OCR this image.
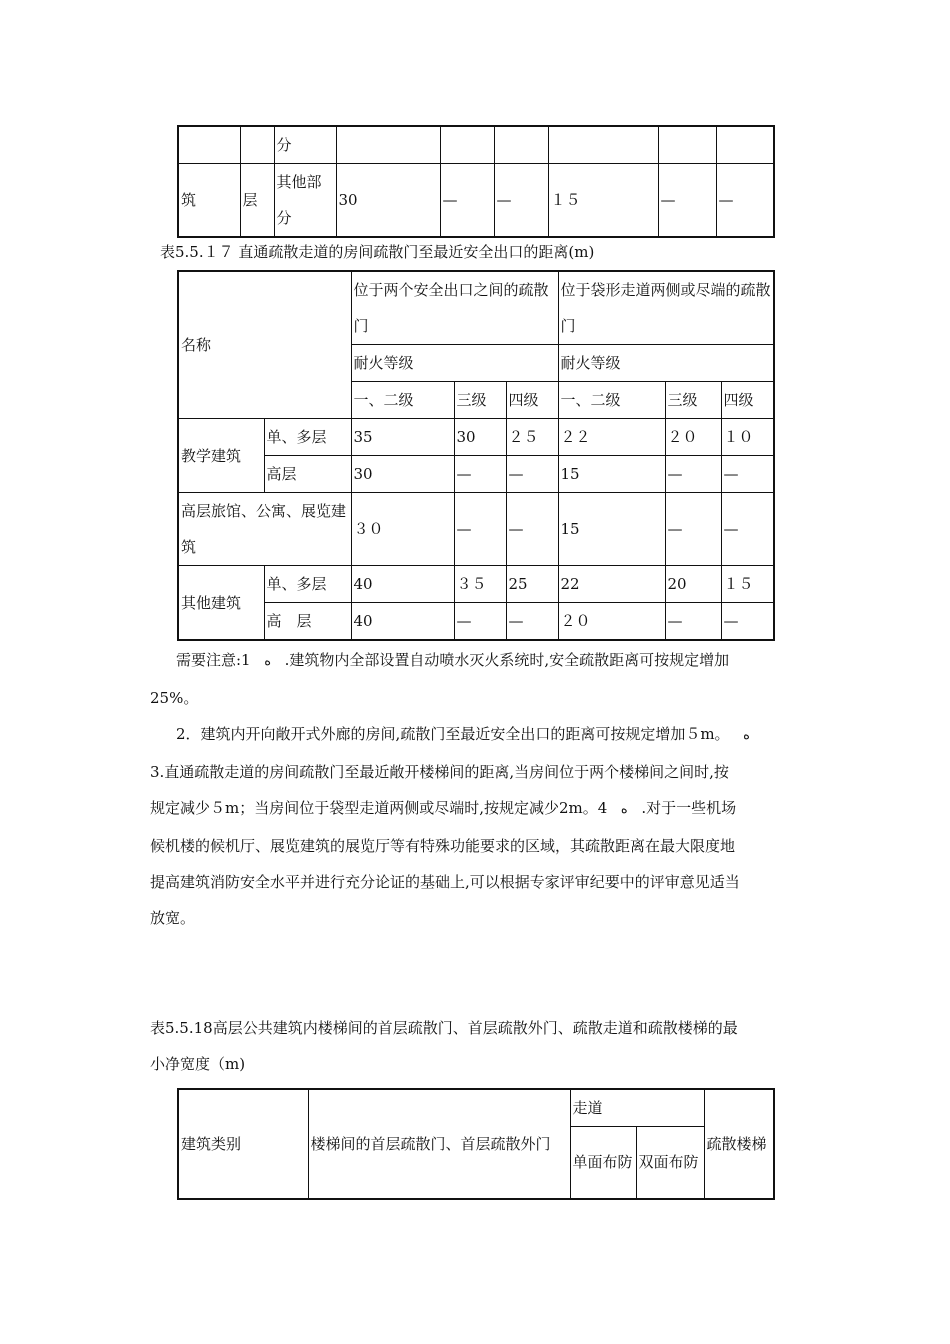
		分						
筑	层	其他部分	30	—	—	１５	—	—
表5.5.１７ 直通疏散走道的房间疏散门至最近安全出口的距离(m)
名称		位于两个安全出口之间的疏散门			位于袋形走道两侧或尽端的疏散门		
		耐火等级			耐火等级		
		一、二级	三级	四级	一、二级	三级	四级
教学建筑	单、多层	35	30	２５	２２	２０	１０
	高层	30	—	—	15	—	—
高层旅馆、公寓、展览建筑		３０	—	—	15	—	—
其他建筑	单、多层	40	３５	25	22	20	１５
	高　层	40	—	—	２０	—	—
需要注意:1 ه .建筑物内全部设置自动喷水灭火系统时,安全疏散距离可按规定增加
25%。
2．建筑内开向敞开式外廊的房间,疏散门至最近安全出口的距离可按规定增加５m。 ه
3.直通疏散走道的房间疏散门至最近敞开楼梯间的距离,当房间位于两个楼梯间之间时,按
规定减少５m；当房间位于袋型走道两侧或尽端时,按规定减少2m。4 ه .对于一些机场
候机楼的候机厅、展览建筑的展览厅等有特殊功能要求的区域，其疏散距离在最大限度地
提高建筑消防安全水平并进行充分论证的基础上,可以根据专家评审纪要中的评审意见适当
放宽。
表5.5.18高层公共建筑内楼梯间的首层疏散门、首层疏散外门、疏散走道和疏散楼梯的最
小净宽度（m)
建筑类别	楼梯间的首层疏散门、首层疏散外门	走道		疏散楼梯
		单面布防	双面布防	
